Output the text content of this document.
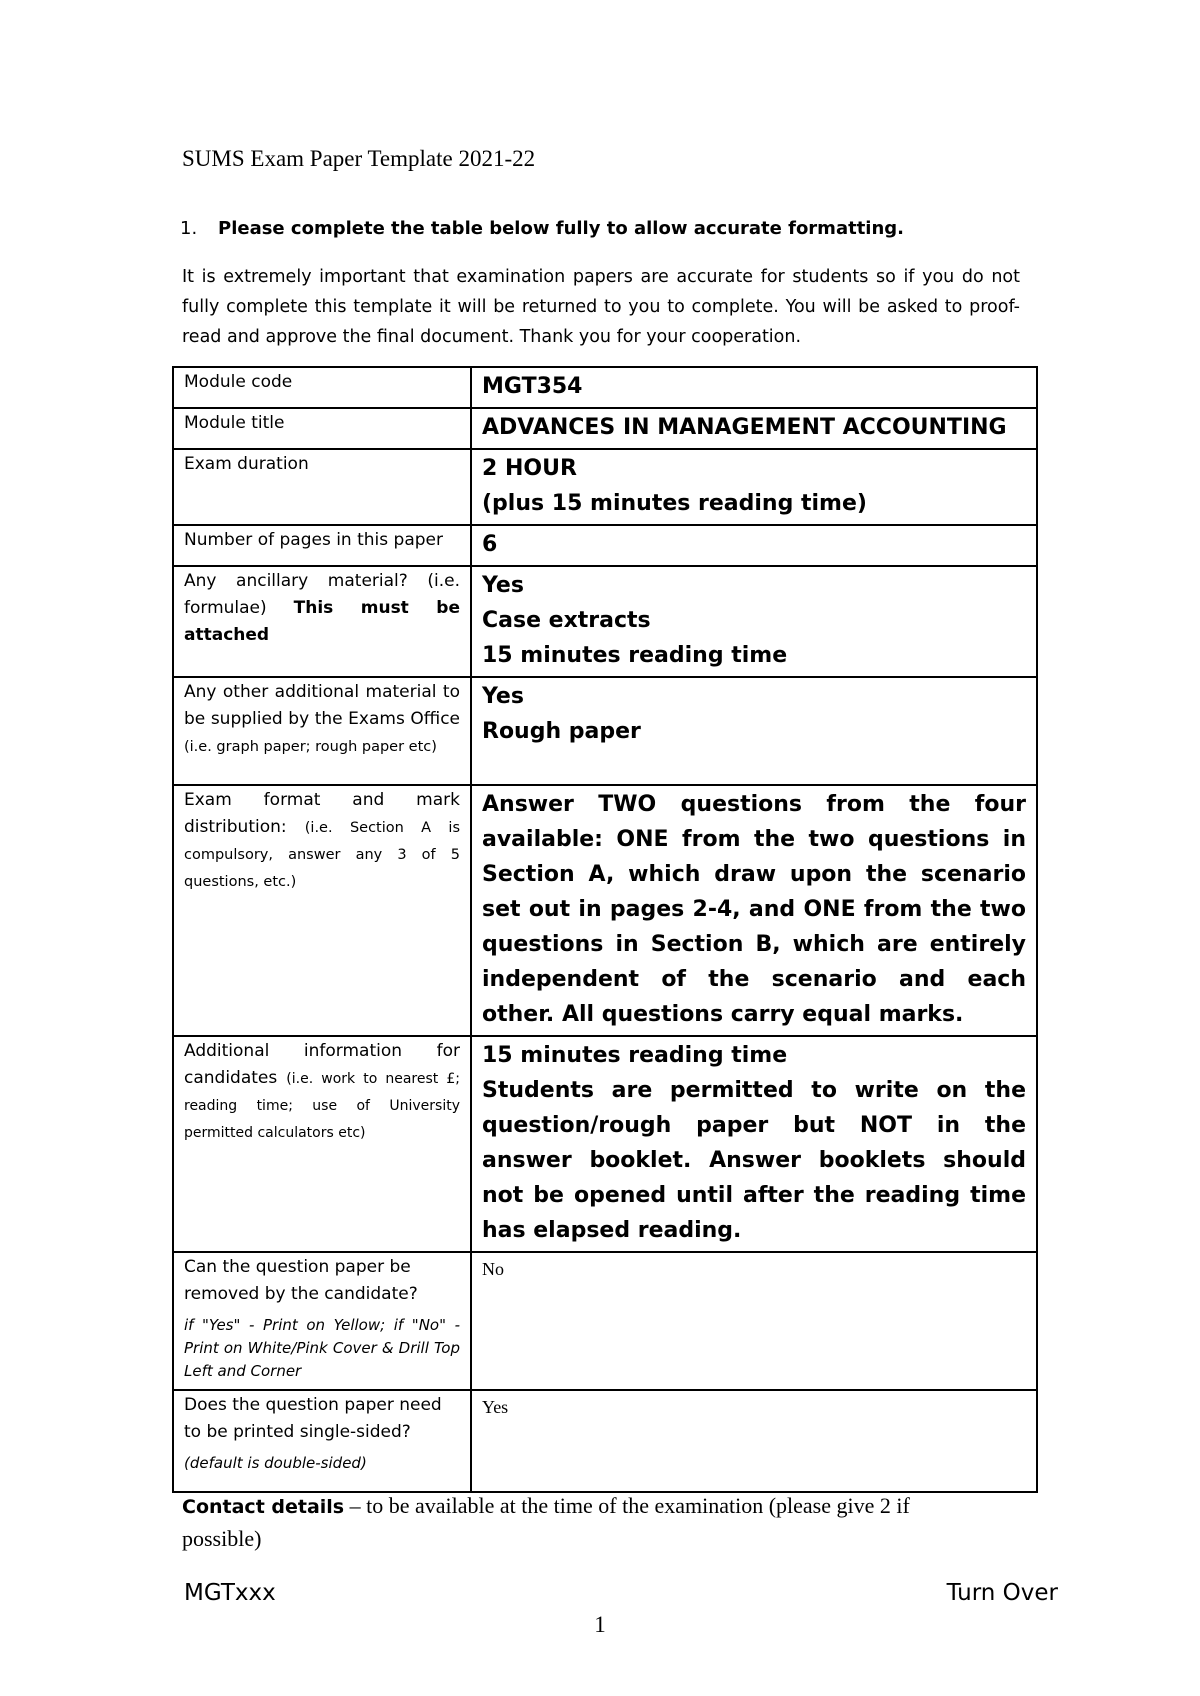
SUMS Exam Paper Template 2021-22
1. Please complete the table below fully to allow accurate formatting.
It is extremely important that examination papers are accurate for students so if you do not fully complete this template it will be returned to you to complete. You will be asked to proof-read and approve the final document. Thank you for your cooperation.
Module code	MGT354
Module title	ADVANCES IN MANAGEMENT ACCOUNTING
Exam duration	2 HOUR
(plus 15 minutes reading time)

Number of pages in this paper	6
Any ancillary material? (i.e. formulae) This must be attached	Yes
Case extracts
15 minutes reading time

Any other additional material to be supplied by the Exams Office (i.e. graph paper; rough paper etc)	Yes
Rough paper

Exam format and mark distribution: (i.e. Section A is compulsory, answer any 3 of 5 questions, etc.)	Answer TWO questions from the four available: ONE from the two questions in Section A, which draw upon the scenario set out in pages 2-4, and ONE from the two questions in Section B, which are entirely independent of the scenario and each other. All questions carry equal marks.
Additional information for candidates (i.e. work to nearest £; reading time; use of University permitted calculators etc)	15 minutes reading time
Students are permitted to write on the question/rough paper but NOT in the answer booklet. Answer booklets should not be opened until after the reading time has elapsed reading.

Can the question paper be removed by the candidate?
if "Yes" - Print on Yellow; if "No" - Print on White/Pink Cover & Drill Top Left and Corner	No

Does the question paper need to be printed single-sided?
(default is double-sided)	Yes
Contact details – to be available at the time of the examination (please give 2 if possible)
MGTxxx	Turn Over
1
